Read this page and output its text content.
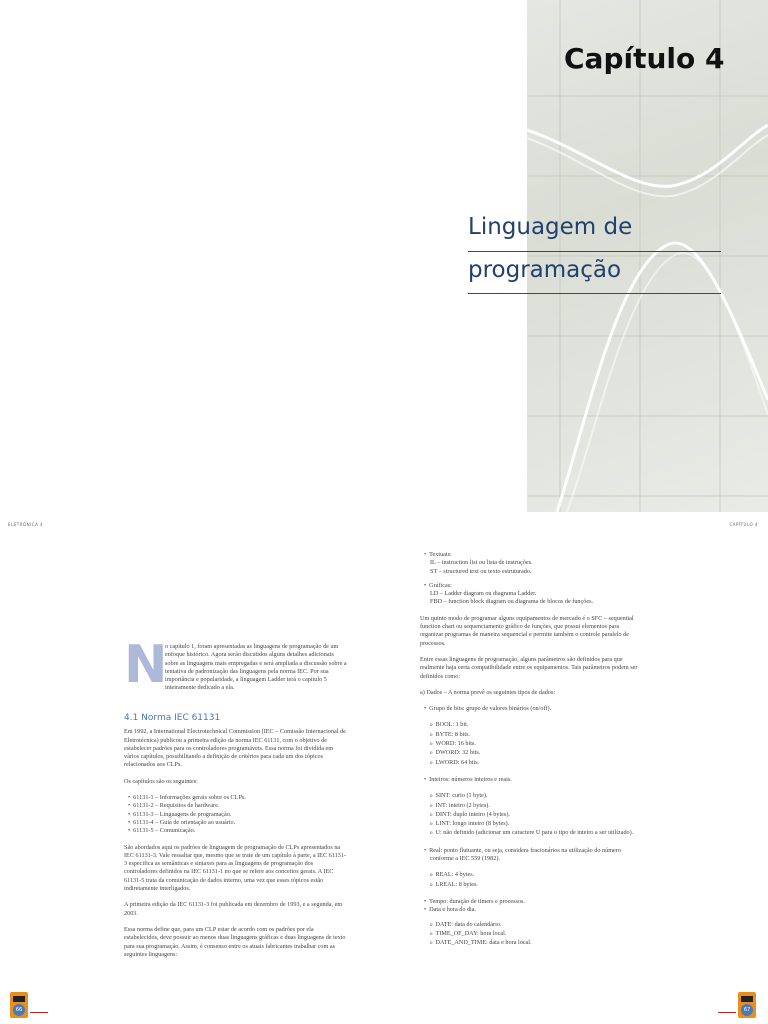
Capítulo 4
Linguagem de
programação
ELETRÔNICA 4	CAPÍTULO 4
N

o capítulo 1, foram apresentadas as linguagens de programação de um enfoque histórico. Agora serão discutidos alguns detalhes adicionais sobre as linguagens mais empregadas e será ampliada a discussão sobre a tentativa de padronização das linguagens pela norma IEC. Por sua importância e popularidade, a linguagem Ladder terá o capítulo 5 inteiramente dedicado a ela.

4.1 Norma IEC 61131

Em 1992, a International Electrotechnical Commission (IEC – Comissão Internacional de Eletrotécnica) publicou a primeira edição da norma IEC 61131, com o objetivo de estabelecer padrões para os controladores programáveis. Essa norma foi dividida em vários capítulos, possibilitando a definição de critérios para cada um dos tópicos relacionados aos CLPs.

Os capítulos são os seguintes:

• 61131-1 – Informações gerais sobre os CLPs.
• 61131-2 – Requisitos de hardware.
• 61131-3 – Linguagens de programação.
• 61131-4 – Guia de orientação ao usuário.
• 61131-5 – Comunicação.

São abordados aqui os padrões de linguagem de programação de CLPs apresentados na IEC 61131-3. Vale ressaltar que, mesmo que se trate de um capítulo à parte, a IEC 61131-3 especifica as semânticas e sintaxes para as linguagens de programação dos controladores definidos na IEC 61131-1 no que se refere aos conceitos gerais. A IEC 61131-5 trata da comunicação de dados interno, uma vez que esses tópicos estão indiretamente interligados.

A primeira edição da IEC 61131-3 foi publicada em dezembro de 1993, e a segunda, em 2003.

Essa norma define que, para um CLP estar de acordo com os padrões por ela estabelecidos, deve possuir ao menos duas linguagens gráficas e duas linguagens de texto para sua programação. Assim, é consenso entre os atuais fabricantes trabalhar com as seguintes linguagens:

• Textuais:
IL – instruction list ou lista de instruções.
ST – structured text ou texto estruturado.
• Gráficas:
LD – Ladder diagram ou diagrama Ladder.
FBD – function block diagram ou diagrama de blocos de funções.

Um quinto modo de programar alguns equipamentos de mercado é o SFC – sequential function chart ou sequenciamento gráfico de funções, que possui elementos para organizar programas de maneira sequencial e permite também o controle paralelo de processos.

Entre essas linguagens de programação, alguns parâmetros são definidos para que realmente haja certa compatibilidade entre os equipamentos. Tais parâmetros podem ser definidos como:

a) Dados – A norma prevê os seguintes tipos de dados:

• Grupo de bits: grupo de valores binários (on/off).
o BOOL: 1 bit.
o BYTE: 8 bits.
o WORD: 16 bits.
o DWORD: 32 bits.
o LWORD: 64 bits.
• Inteiros: números inteiros e reais.
o SINT: curto (1 byte).
o INT: inteiro (2 bytes).
o DINT: duplo inteiro (4 bytes).
o LINT: longo inteiro (8 bytes).
o U: não definido (adicionar um caractere U para o tipo de inteiro a ser utilizado).
• Real: ponto flutuante, ou seja, considera fracionários na utilização do número conforme a IEC 559 (1982).
o REAL: 4 bytes.
o LREAL: 8 bytes.
• Tempo: duração de timers e processos.
• Data e hora do dia.
o DATE: data do calendário.
o TIME_OF_DAY: hora local.
o DATE_AND_TIME: data e hora local.
66	67
